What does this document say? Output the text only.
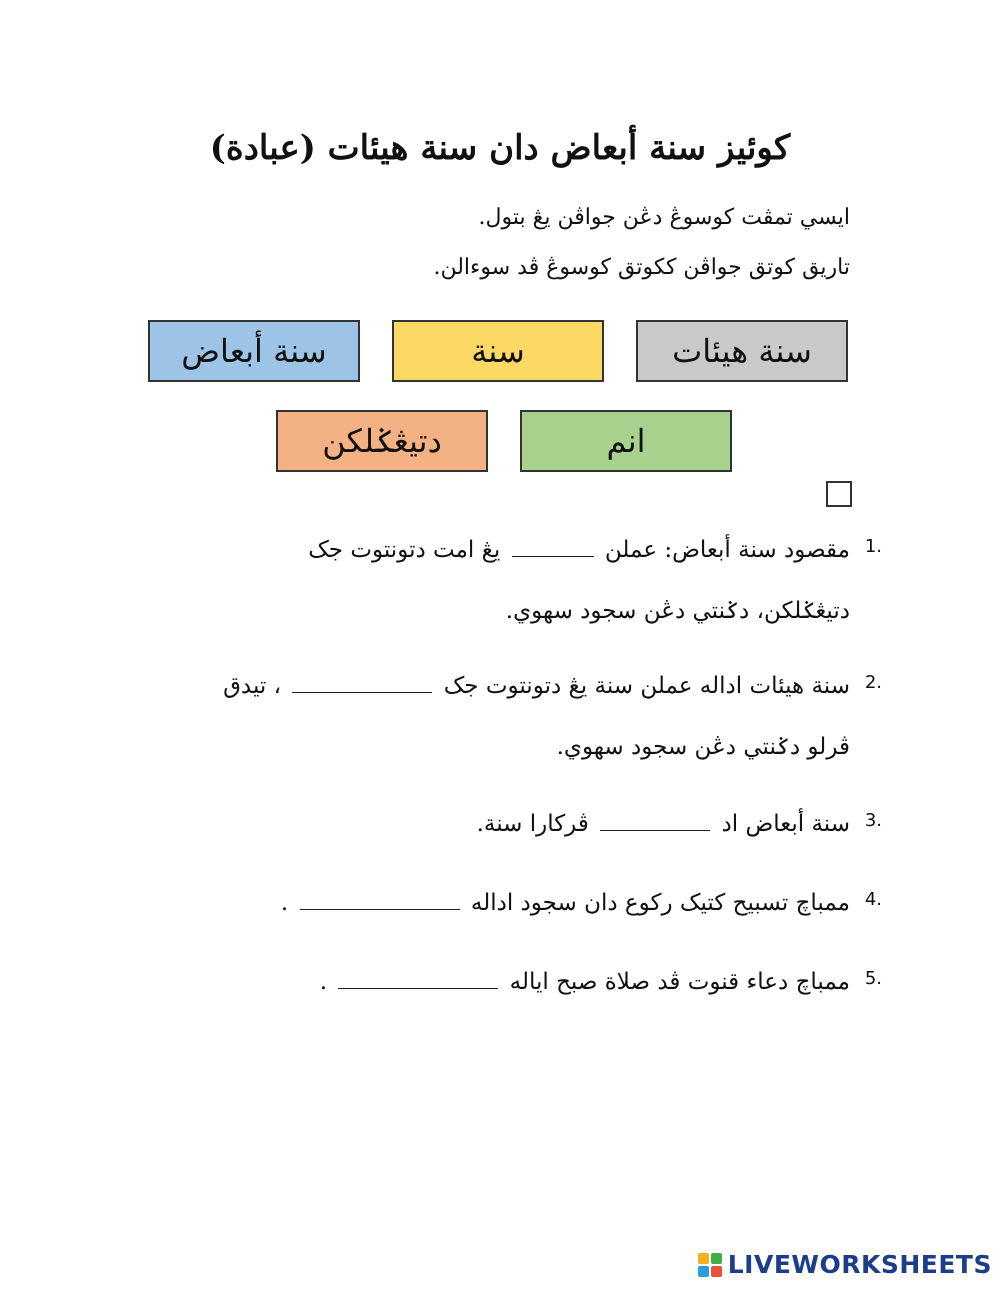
كوئيز سنة أبعاض دان سنة هيئات (عبادة)
ايسي تمڤت كوسوڠ دڠن جواڤن يڠ بتول.
تاريق كوتق جواڤن ككوتق كوسوڠ ڤد سوءالن.
سنة هيئات
سنة
سنة أبعاض
انم
دتيڠݢلكن
1.
مقصود سنة أبعاض: عملن  يڠ امت دتونتوت جک
دتيڠݢلكن، دݢنتي دڠن سجود سهوي.
2.
سنة هيئات اداله عملن سنة يڠ دتونتوت جک  ، تيدق
ڤرلو دݢنتي دڠن سجود سهوي.
3.
سنة أبعاض اد  ڤركارا سنة.
4.
ممباچ تسبيح كتيک ركوع دان سجود اداله  .
5.
ممباچ دعاء قنوت ڤد صلاة صبح اياله  .
LIVEWORKSHEETS
